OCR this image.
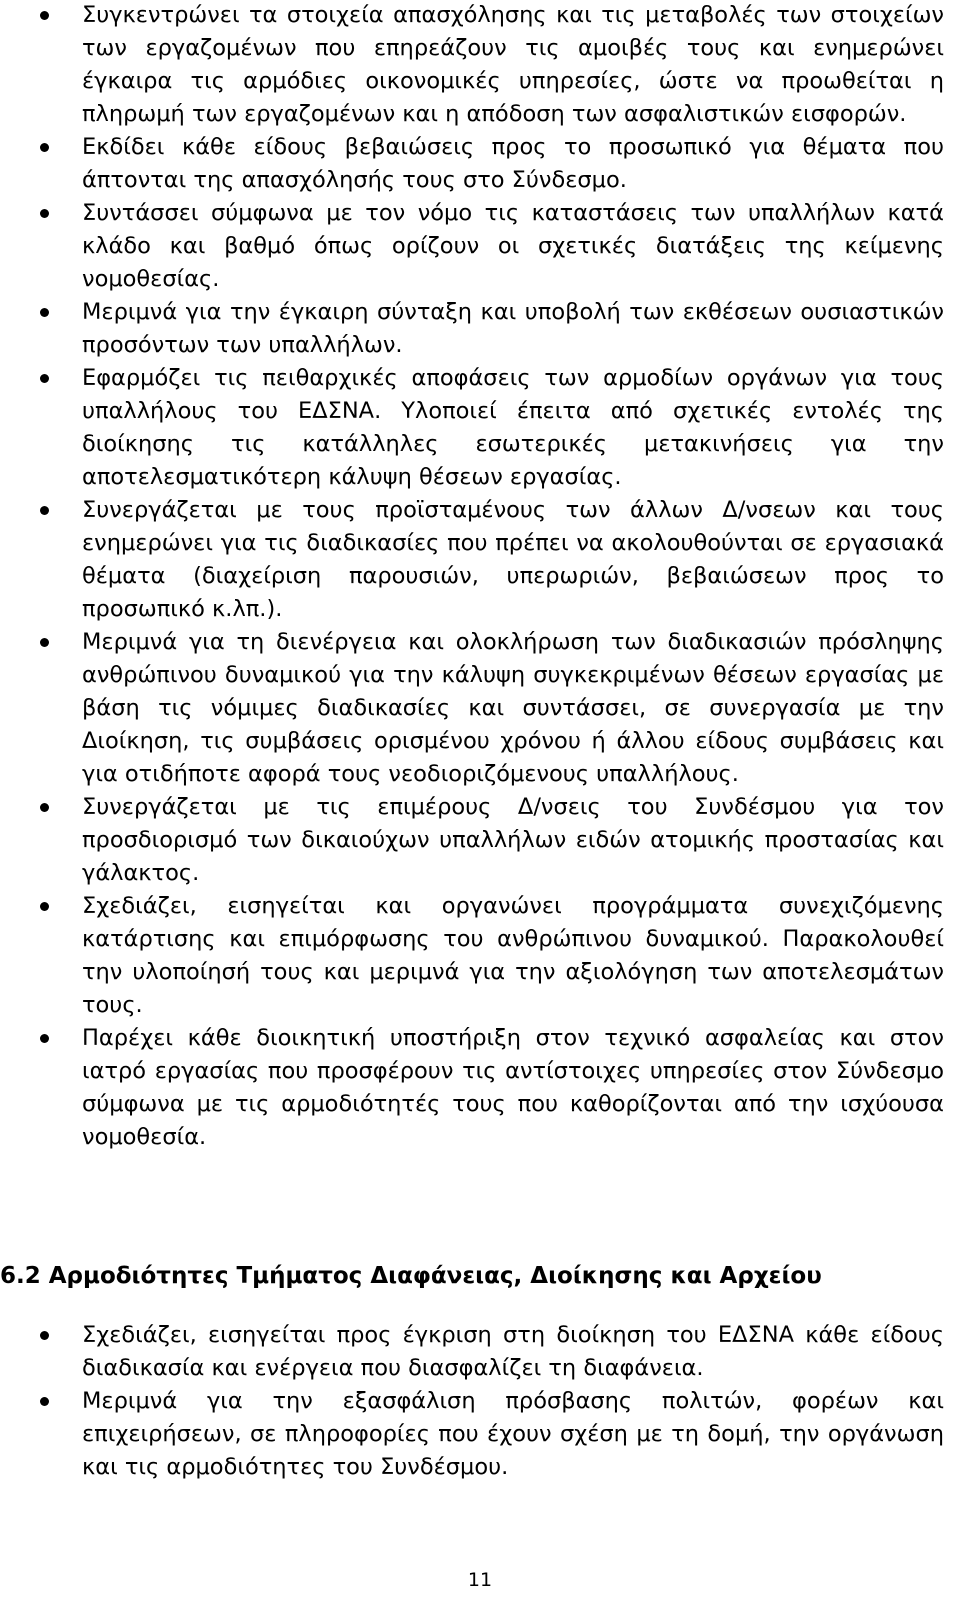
Συγκεντρώνει τα στοιχεία απασχόλησης και τις μεταβολές των στοιχείων των εργαζομένων που επηρεάζουν τις αμοιβές τους και ενημερώνει έγκαιρα τις αρμόδιες οικονομικές υπηρεσίες, ώστε να προωθείται η πληρωμή των εργαζομένων και η απόδοση των ασφαλιστικών εισφορών.
Εκδίδει κάθε είδους βεβαιώσεις προς το προσωπικό για θέματα που άπτονται της απασχόλησής τους στο Σύνδεσμο.
Συντάσσει σύμφωνα με τον νόμο τις καταστάσεις των υπαλλήλων κατά κλάδο και βαθμό όπως ορίζουν οι σχετικές διατάξεις της κείμενης νομοθεσίας.
Μεριμνά για την έγκαιρη σύνταξη και υποβολή των εκθέσεων ουσιαστικών προσόντων των υπαλλήλων.
Εφαρμόζει τις πειθαρχικές αποφάσεις των αρμοδίων οργάνων για τους υπαλλήλους του ΕΔΣΝΑ. Υλοποιεί έπειτα από σχετικές εντολές της διοίκησης τις κατάλληλες εσωτερικές μετακινήσεις για την αποτελεσματικότερη κάλυψη θέσεων εργασίας.
Συνεργάζεται με τους προϊσταμένους των άλλων Δ/νσεων και τους ενημερώνει για τις διαδικασίες που πρέπει να ακολουθούνται σε εργασιακά θέματα (διαχείριση παρουσιών, υπερωριών, βεβαιώσεων προς το προσωπικό κ.λπ.).
Μεριμνά για τη διενέργεια και ολοκλήρωση των διαδικασιών πρόσληψης ανθρώπινου δυναμικού για την κάλυψη συγκεκριμένων θέσεων εργασίας με βάση τις νόμιμες διαδικασίες και συντάσσει, σε συνεργασία με την Διοίκηση, τις συμβάσεις ορισμένου χρόνου ή άλλου είδους συμβάσεις και για οτιδήποτε αφορά τους νεοδιοριζόμενους υπαλλήλους.
Συνεργάζεται με τις επιμέρους Δ/νσεις του Συνδέσμου για τον προσδιορισμό των δικαιούχων υπαλλήλων ειδών ατομικής προστασίας και γάλακτος.
Σχεδιάζει, εισηγείται και οργανώνει προγράμματα συνεχιζόμενης κατάρτισης και επιμόρφωσης του ανθρώπινου δυναμικού. Παρακολουθεί την υλοποίησή τους και μεριμνά για την αξιολόγηση των αποτελεσμάτων τους.
Παρέχει κάθε διοικητική υποστήριξη στον τεχνικό ασφαλείας και στον ιατρό εργασίας που προσφέρουν τις αντίστοιχες υπηρεσίες στον Σύνδεσμο σύμφωνα με τις αρμοδιότητές τους που καθορίζονται από την ισχύουσα νομοθεσία.
6.2 Αρμοδιότητες Τμήματος Διαφάνειας, Διοίκησης και Αρχείου
Σχεδιάζει, εισηγείται προς έγκριση στη διοίκηση του ΕΔΣΝΑ κάθε είδους διαδικασία και ενέργεια που διασφαλίζει τη διαφάνεια.
Μεριμνά για την εξασφάλιση πρόσβασης πολιτών, φορέων και επιχειρήσεων, σε πληροφορίες που έχουν σχέση με τη δομή, την οργάνωση και τις αρμοδιότητες του Συνδέσμου.
11
